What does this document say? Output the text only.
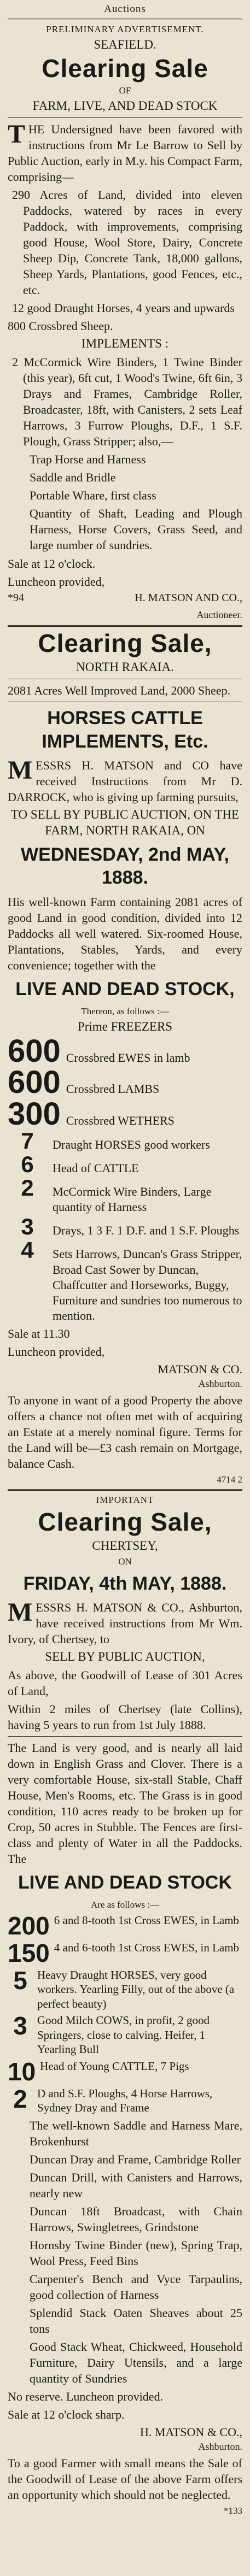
Auctions
PRELIMINARY ADVERTISEMENT.
SEAFIELD.
Clearing Sale
OF
FARM, LIVE, AND DEAD STOCK
THE Undersigned have been favored with instructions from Mr Le Barrow to Sell by Public Auction, early in M.y. his Compact Farm, comprising—
290 Acres of Land, divided into eleven Paddocks, watered by races in every Paddock, with improvements, comprising good House, Wool Store, Dairy, Concrete Sheep Dip, Concrete Tank, 18,000 gallons, Sheep Yards, Plantations, good Fences, etc., etc.
12 good Draught Horses, 4 years and upwards
800 Crossbred Sheep.
IMPLEMENTS :
2 McCormick Wire Binders, 1 Twine Binder (this year), 6ft cut, 1 Wood's Twine, 6ft 6in, 3 Drays and Frames, Cambridge Roller, Broadcaster, 18ft, with Canisters, 2 sets Leaf Harrows, 3 Furrow Ploughs, D.F., 1 S.F. Plough, Grass Stripper; also,—
Trap Horse and Harness
Saddle and Bridle
Portable Whare, first class
Quantity of Shaft, Leading and Plough Harness, Horse Covers, Grass Seed, and large number of sundries.
Sale at 12 o'clock.
Luncheon provided,
*94	H. MATSON AND CO.,
Auctioneer.
Clearing Sale,
NORTH RAKAIA.
2081 Acres Well Improved Land, 2000 Sheep.
HORSES CATTLE IMPLEMENTS, Etc.
MESSRS H. MATSON and CO have received Instructions from Mr D. DARROCK, who is giving up farming pursuits,
TO SELL BY PUBLIC AUCTION, ON THE FARM, NORTH RAKAIA, ON
WEDNESDAY, 2nd MAY, 1888.
His well-known Farm containing 2081 acres of good Land in good condition, divided into 12 Paddocks all well watered. Six-roomed House, Plantations, Stables, Yards, and every convenience; together with the
LIVE AND DEAD STOCK,
Thereon, as follows :—
Prime FREEZERS
600 Crossbred EWES in lamb
600 Crossbred LAMBS
300 Crossbred WETHERS
7	Draught HORSES good workers
6	Head of CATTLE
2	McCormick Wire Binders, Large quantity of Harness
3	Drays, 1 3 F. 1 D.F. and 1 S.F. Ploughs
4	Sets Harrows, Duncan's Grass Stripper, Broad Cast Sower by Duncan, Chaffcutter and Horseworks, Buggy, Furniture and sundries too numerous to mention.
Sale at 11.30
Luncheon provided,
MATSON & CO.
Ashburton.
To anyone in want of a good Property the above offers a chance not often met with of acquiring an Estate at a merely nominal figure. Terms for the Land will be—£3 cash remain on Mortgage, balance Cash.
4714 2
IMPORTANT
Clearing Sale,
CHERTSEY,
ON
FRIDAY, 4th MAY, 1888.
MESSRS H. MATSON & CO., Ashburton, have received instructions from Mr Wm. Ivory, of Chertsey, to
SELL BY PUBLIC AUCTION,
As above, the Goodwill of Lease of 301 Acres of Land,
Within 2 miles of Chertsey (late Collins), having 5 years to run from 1st July 1888.
The Land is very good, and is nearly all laid down in English Grass and Clover. There is a very comfortable House, six-stall Stable, Chaff House, Men's Rooms, etc. The Grass is in good condition, 110 acres ready to be broken up for Crop, 50 acres in Stubble. The Fences are first-class and plenty of Water in all the Paddocks. The
LIVE AND DEAD STOCK
Are as follows :—
200 6 and 8-tooth 1st Cross EWES, in Lamb
150 4 and 6-tooth 1st Cross EWES, in Lamb
5 Heavy Draught HORSES, very good workers. Yearling Filly, out of the above (a perfect beauty)
3 Good Milch COWS, in profit, 2 good Springers, close to calving. Heifer, 1 Yearling Bull
10 Head of Young CATTLE, 7 Pigs
2 D and S.F. Ploughs, 4 Horse Harrows, Sydney Dray and Frame
The well-known Saddle and Harness Mare, Brokenhurst
Duncan Dray and Frame, Cambridge Roller
Duncan Drill, with Canisters and Harrows, nearly new
Duncan 18ft Broadcast, with Chain Harrows, Swingletrees, Grindstone
Hornsby Twine Binder (new), Spring Trap, Wool Press, Feed Bins
Carpenter's Bench and Vyce Tarpaulins, good collection of Harness
Splendid Stack Oaten Sheaves about 25 tons
Good Stack Wheat, Chickweed, Household Furniture, Dairy Utensils, and a large quantity of Sundries
No reserve. Luncheon provided.
Sale at 12 o'clock sharp.
H. MATSON & CO.,
Ashburton.
To a good Farmer with small means the Sale of the Goodwill of Lease of the above Farm offers an opportunity which should not be neglected.
*133
